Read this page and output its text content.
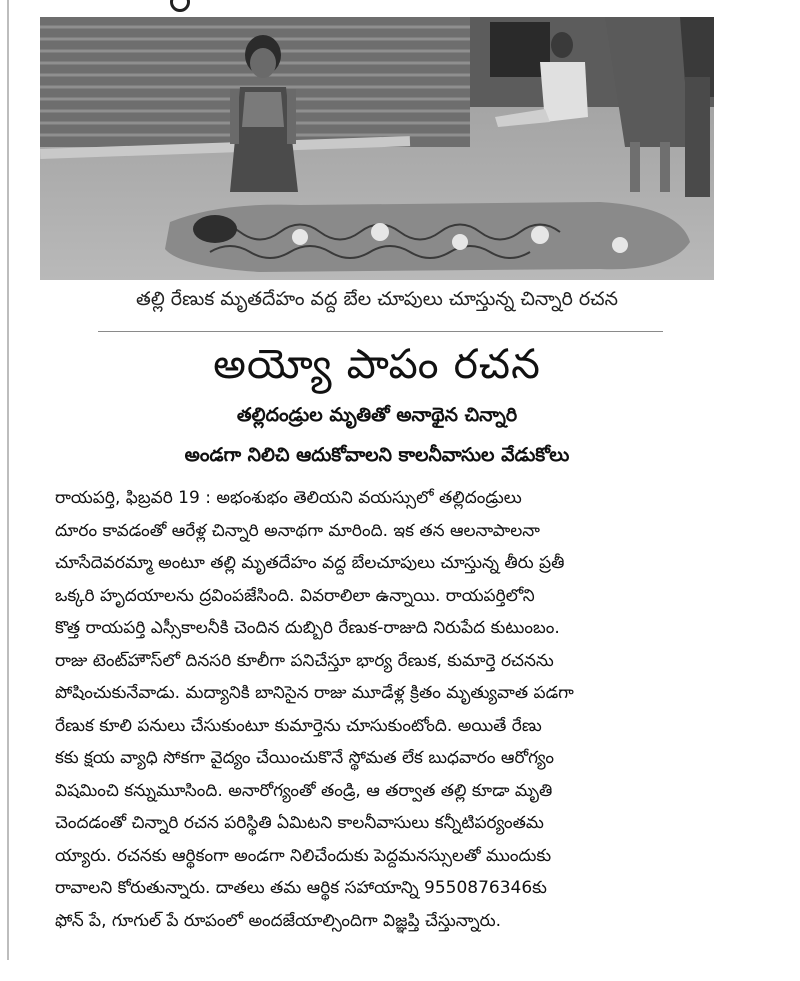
తల్లి రేణుక మృతదేహం వద్ద బేల చూపులు చూస్తున్న చిన్నారి రచన
అయ్యో పాపం రచన
తల్లిదండ్రుల మృతితో అనాథైన చిన్నారి
అండగా నిలిచి ఆదుకోవాలని కాలనీవాసుల వేడుకోలు
రాయపర్తి, ఫిబ్రవరి 19 : అభంశుభం తెలియని వయస్సులో తల్లిదండ్రులు
దూరం కావడంతో ఆరేళ్ల చిన్నారి అనాథగా మారింది. ఇక తన ఆలనాపాలనా
చూసేదెవరమ్మా అంటూ తల్లి మృతదేహం వద్ద బేలచూపులు చూస్తున్న తీరు ప్రతీ
ఒక్కరి హృదయాలను ద్రవింపజేసింది. వివరాలిలా ఉన్నాయి. రాయపర్తిలోని
కొత్త రాయపర్తి ఎస్సీకాలనీకి చెందిన దుబ్బిరి రేణుక-రాజుది నిరుపేద కుటుంబం.
రాజు టెంట్‌హౌస్‌లో దినసరి కూలీగా పనిచేస్తూ భార్య రేణుక, కుమార్తె రచనను
పోషించుకునేవాడు. మద్యానికి బానిసైన రాజు మూడేళ్ల క్రితం మృత్యువాత పడగా
రేణుక కూలి పనులు చేసుకుంటూ కుమార్తెను చూసుకుంటోంది. అయితే రేణు
కకు క్షయ వ్యాధి సోకగా వైద్యం చేయించుకొనే స్థోమత లేక బుధవారం ఆరోగ్యం
విషమించి కన్నుమూసింది. అనారోగ్యంతో తండ్రి, ఆ తర్వాత తల్లి కూడా మృతి
చెందడంతో చిన్నారి రచన పరిస్థితి ఏమిటని కాలనీవాసులు కన్నీటిపర్యంతమ
య్యారు. రచనకు ఆర్థికంగా అండగా నిలిచేందుకు పెద్దమనస్సులతో ముందుకు
రావాలని కోరుతున్నారు. దాతలు తమ ఆర్థిక సహాయాన్ని 9550876346కు
ఫోన్ పే, గూగుల్ పే రూపంలో అందజేయాల్సిందిగా విజ్ఞప్తి చేస్తున్నారు.
